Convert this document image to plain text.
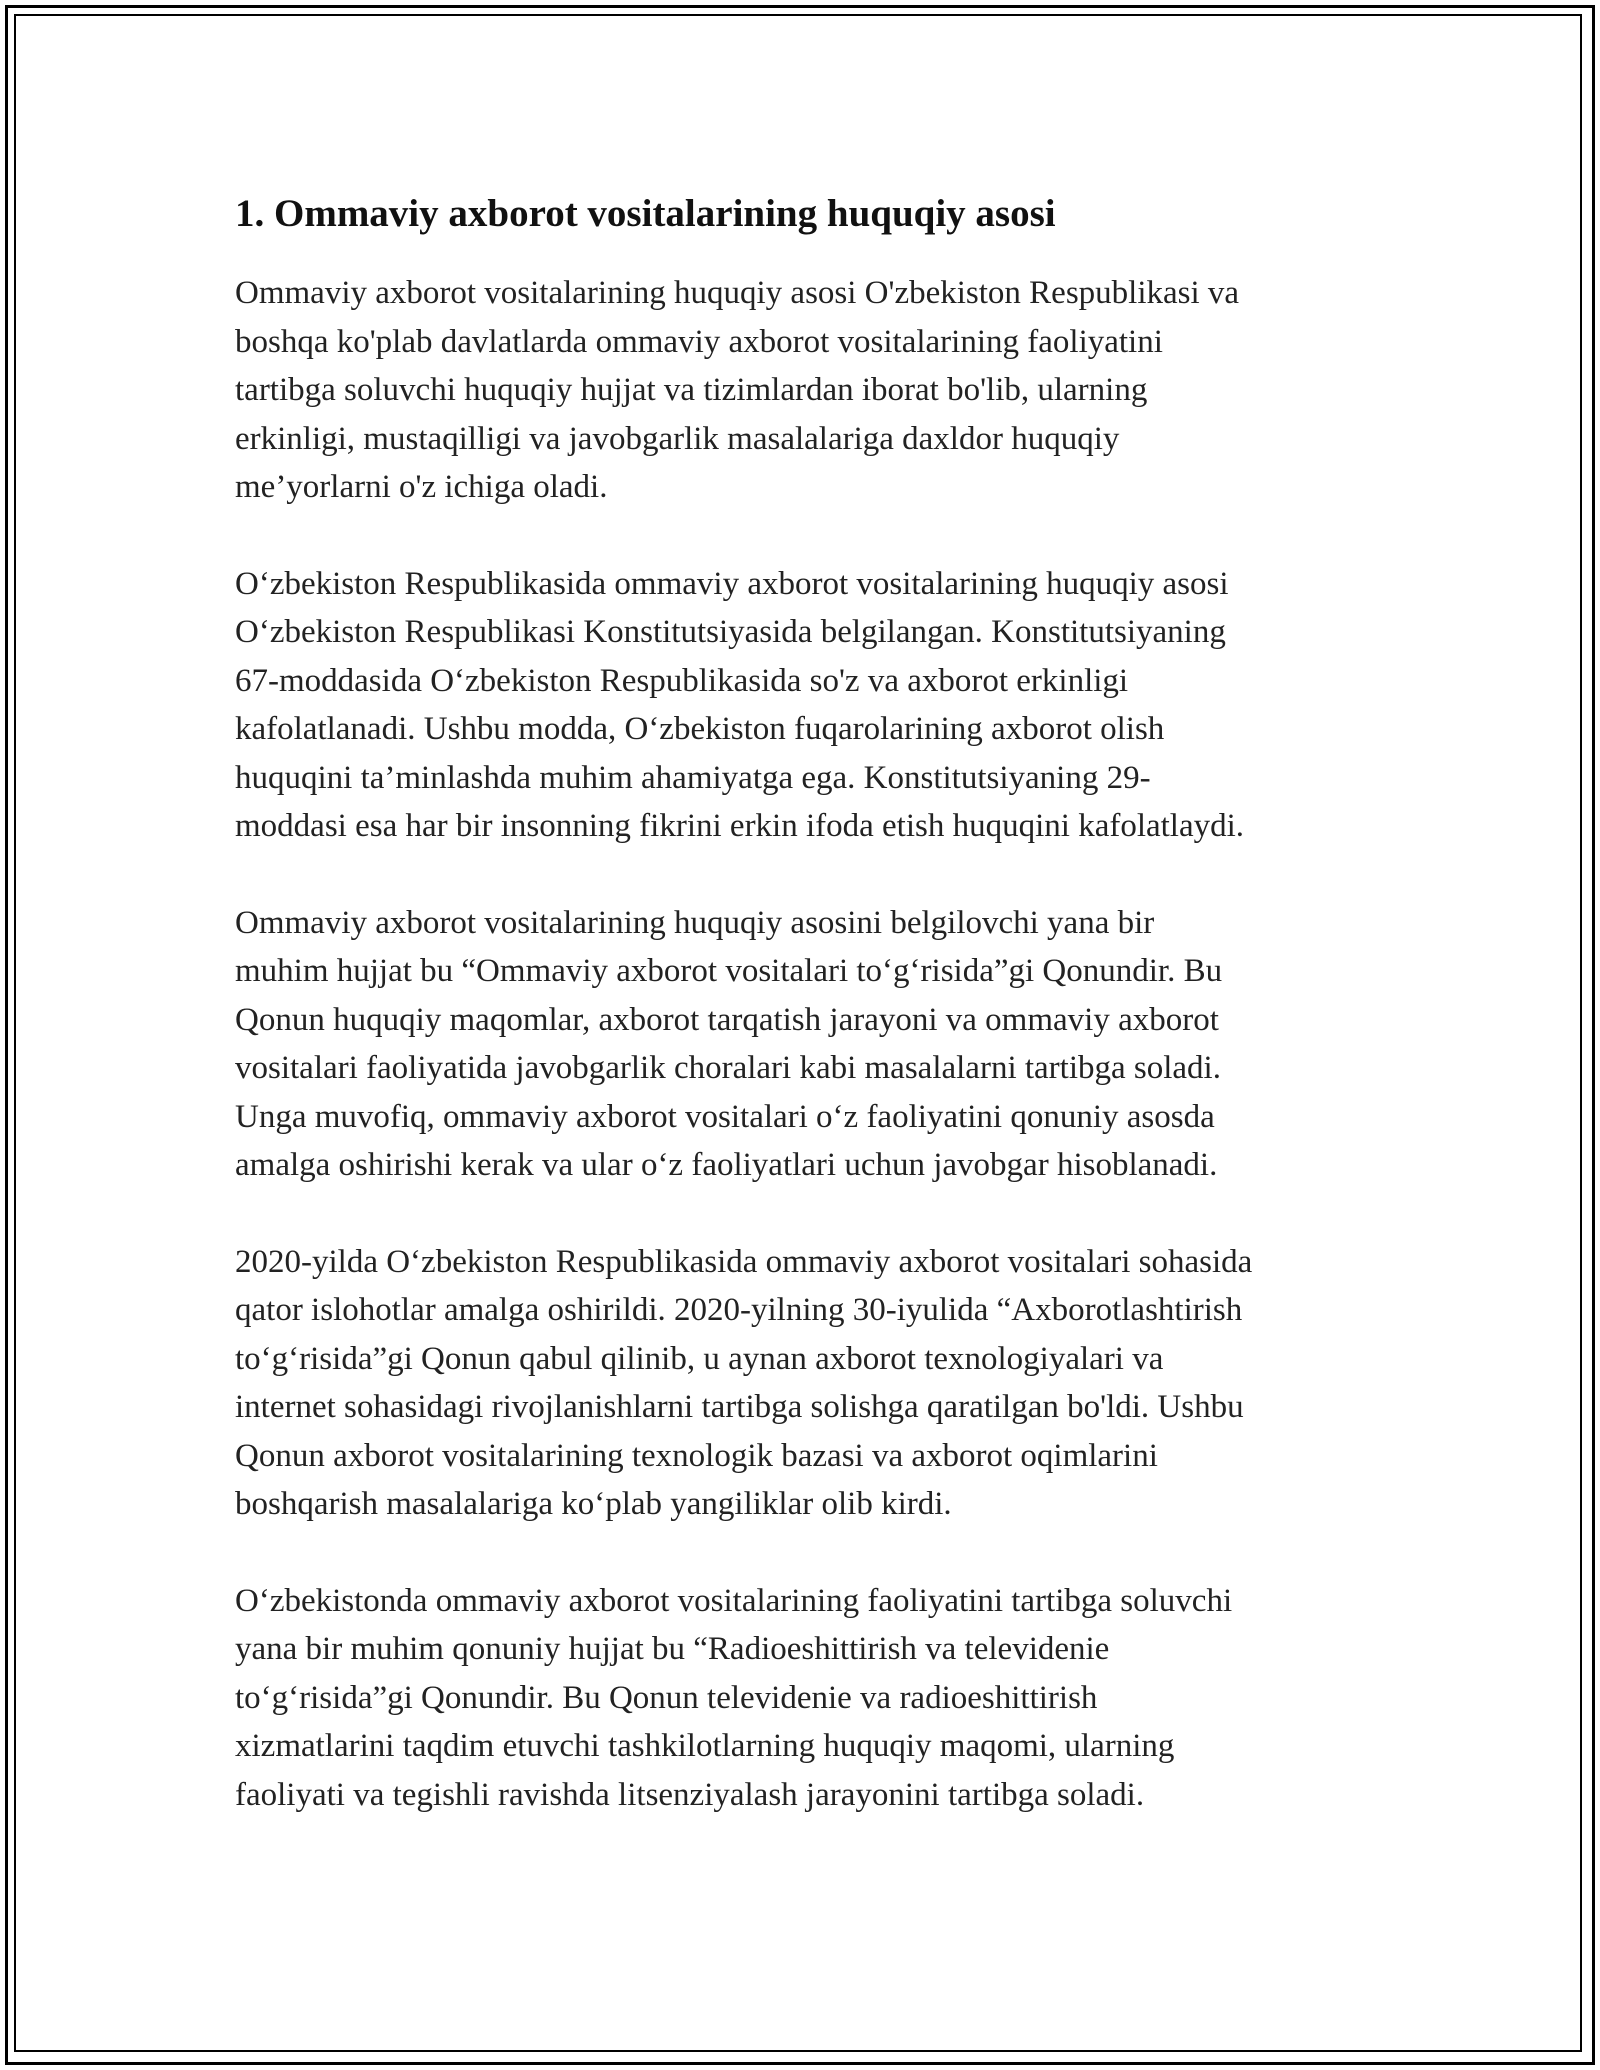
1. Ommaviy axborot vositalarining huquqiy asosi

Ommaviy axborot vositalarining huquqiy asosi O'zbekiston Respublikasi va
boshqa ko'plab davlatlarda ommaviy axborot vositalarining faoliyatini
tartibga soluvchi huquqiy hujjat va tizimlardan iborat bo'lib, ularning
erkinligi, mustaqilligi va javobgarlik masalalariga daxldor huquqiy
me’yorlarni o'z ichiga oladi.

O‘zbekiston Respublikasida ommaviy axborot vositalarining huquqiy asosi
O‘zbekiston Respublikasi Konstitutsiyasida belgilangan. Konstitutsiyaning
67-moddasida O‘zbekiston Respublikasida so'z va axborot erkinligi
kafolatlanadi. Ushbu modda, O‘zbekiston fuqarolarining axborot olish
huquqini ta’minlashda muhim ahamiyatga ega. Konstitutsiyaning 29-
moddasi esa har bir insonning fikrini erkin ifoda etish huquqini kafolatlaydi.

Ommaviy axborot vositalarining huquqiy asosini belgilovchi yana bir
muhim hujjat bu “Ommaviy axborot vositalari to‘g‘risida”gi Qonundir. Bu
Qonun huquqiy maqomlar, axborot tarqatish jarayoni va ommaviy axborot
vositalari faoliyatida javobgarlik choralari kabi masalalarni tartibga soladi.
Unga muvofiq, ommaviy axborot vositalari o‘z faoliyatini qonuniy asosda
amalga oshirishi kerak va ular o‘z faoliyatlari uchun javobgar hisoblanadi.

2020-yilda O‘zbekiston Respublikasida ommaviy axborot vositalari sohasida
qator islohotlar amalga oshirildi. 2020-yilning 30-iyulida “Axborotlashtirish
to‘g‘risida”gi Qonun qabul qilinib, u aynan axborot texnologiyalari va
internet sohasidagi rivojlanishlarni tartibga solishga qaratilgan bo'ldi. Ushbu
Qonun axborot vositalarining texnologik bazasi va axborot oqimlarini
boshqarish masalalariga ko‘plab yangiliklar olib kirdi.

O‘zbekistonda ommaviy axborot vositalarining faoliyatini tartibga soluvchi
yana bir muhim qonuniy hujjat bu “Radioeshittirish va televidenie
to‘g‘risida”gi Qonundir. Bu Qonun televidenie va radioeshittirish
xizmatlarini taqdim etuvchi tashkilotlarning huquqiy maqomi, ularning
faoliyati va tegishli ravishda litsenziyalash jarayonini tartibga soladi.
